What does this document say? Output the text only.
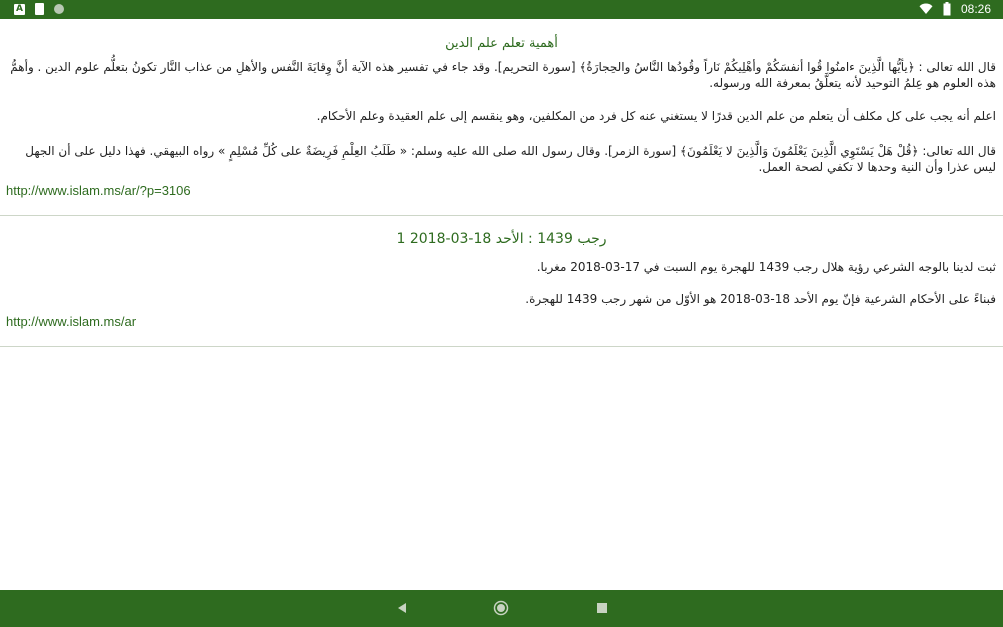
A	08:26
أهمية تعلم علم الدين

قال الله تعالى : ﴿يأيُّها الَّذِينَ ءامنُوا قُوا أنفسَكُمْ وأهْلِيكُمْ نَاراً وقُودُها النَّاسُ والحِجارَةُ﴾ [سورة التحريم]. وقد جاء في تفسير هذه الآية أنَّ وِقايَةَ النَّفس والأهلِ من عذاب النَّار تكونُ بتعلُّم علوم الدين . وأهمُّ هذه العلوم هو عِلمُ التوحيد لأنه يتعلَّقُ بمعرفة الله ورسوله.

اعلم أنه يجب على كل مكلف أن يتعلم من علم الدين قدرًا لا يستغني عنه كل فرد من المكلفين، وهو ينقسم إلى علم العقيدة وعلم الأحكام.

قال الله تعالى: ﴿قُلْ هَلْ يَسْتَوِي الَّذِينَ يَعْلَمُونَ وَالَّذِينَ لا يَعْلَمُونَ﴾ [سورة الزمر]. وقال رسول الله صلى الله عليه وسلم: « طَلَبُ العِلْمِ فَرِيضَةٌ على كُلِّ مُسْلِمٍ » رواه البيهقي. فهذا دليل على أن الجهل ليس عذرا وأن النية وحدها لا تكفي لصحة العمل.

http://www.islam.ms/ar/?p=3106
1 رجب 1439 : الأحد 18-03-2018

ثبت لدينا بالوجه الشرعي رؤية هلال رجب 1439 للهجرة يوم السبت في 17-03-2018 مغربا.

فبناءً على الأحكام الشرعية فإنّ يوم الأحد 18-03-2018 هو الأوّل من شهر رجب 1439 للهجرة.

http://www.islam.ms/ar
